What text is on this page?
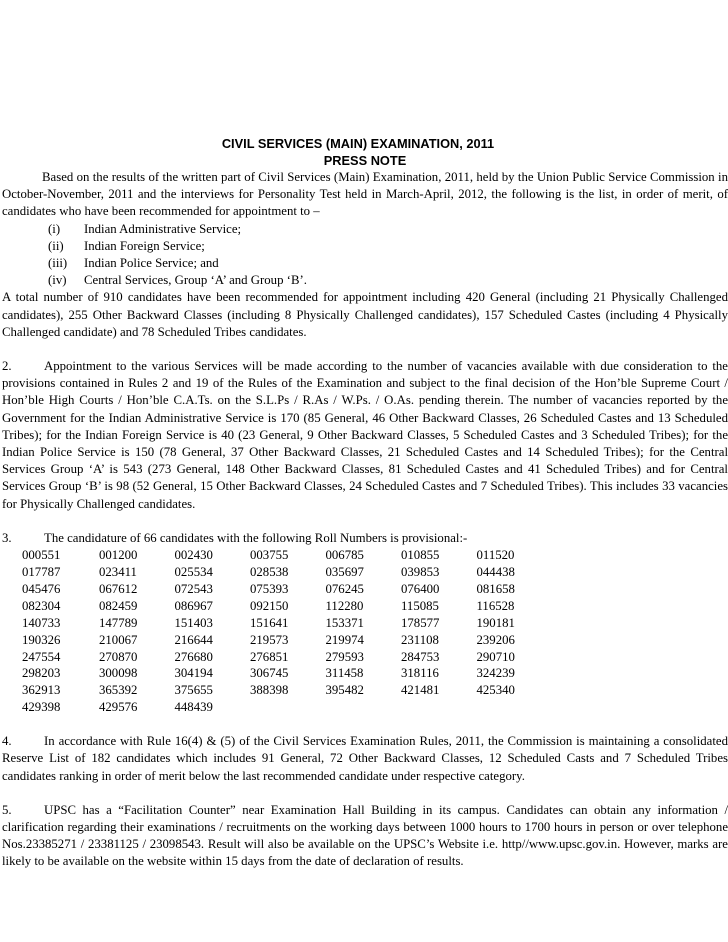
CIVIL SERVICES (MAIN) EXAMINATION, 2011
PRESS NOTE

Based on the results of the written part of Civil Services (Main) Examination, 2011, held by the Union Public Service Commission in October-November, 2011 and the interviews for Personality Test held in March-April, 2012, the following is the list, in order of merit, of candidates who have been recommended for appointment to –

(i)	Indian Administrative Service;
(ii)	Indian Foreign Service;
(iii)	Indian Police Service; and
(iv)	Central Services, Group ‘A’ and Group ‘B’.

A total number of 910 candidates have been recommended for appointment including 420 General (including 21 Physically Challenged candidates), 255 Other Backward Classes (including 8 Physically Challenged candidates), 157 Scheduled Castes (including 4 Physically Challenged candidate) and 78 Scheduled Tribes candidates.

2.	Appointment to the various Services will be made according to the number of vacancies available with due consideration to the provisions contained in Rules 2 and 19 of the Rules of the Examination and subject to the final decision of the Hon’ble Supreme Court / Hon’ble High Courts / Hon’ble C.A.Ts. on the S.L.Ps / R.As / W.Ps. / O.As. pending therein. The number of vacancies reported by the Government for the Indian Administrative Service is 170 (85 General, 46 Other Backward Classes, 26 Scheduled Castes and 13 Scheduled Tribes); for the Indian Foreign Service is 40 (23 General, 9 Other Backward Classes, 5 Scheduled Castes and 3 Scheduled Tribes); for the Indian Police Service is 150 (78 General, 37 Other Backward Classes, 21 Scheduled Castes and 14 Scheduled Tribes); for the Central Services Group ‘A’ is 543 (273 General, 148 Other Backward Classes, 81 Scheduled Castes and 41 Scheduled Tribes) and for Central Services Group ‘B’ is 98 (52 General, 15 Other Backward Classes, 24 Scheduled Castes and 7 Scheduled Tribes). This includes 33 vacancies for Physically Challenged candidates.

3.	The candidature of 66 candidates with the following Roll Numbers is provisional:-

000551	001200	002430	003755	006785	010855	011520
017787	023411	025534	028538	035697	039853	044438
045476	067612	072543	075393	076245	076400	081658
082304	082459	086967	092150	112280	115085	116528
140733	147789	151403	151641	153371	178577	190181
190326	210067	216644	219573	219974	231108	239206
247554	270870	276680	276851	279593	284753	290710
298203	300098	304194	306745	311458	318116	324239
362913	365392	375655	388398	395482	421481	425340
429398	429576	448439				

4.	In accordance with Rule 16(4) & (5) of the Civil Services Examination Rules, 2011, the Commission is maintaining a consolidated Reserve List of 182 candidates which includes 91 General, 72 Other Backward Classes, 12 Scheduled Casts and 7 Scheduled Tribes candidates ranking in order of merit below the last recommended candidate under respective category.

5.	UPSC has a “Facilitation Counter” near Examination Hall Building in its campus. Candidates can obtain any information / clarification regarding their examinations / recruitments on the working days between 1000 hours to 1700 hours in person or over telephone Nos.23385271 / 23381125 / 23098543. Result will also be available on the UPSC’s Website i.e. http//www.upsc.gov.in. However, marks are likely to be available on the website within 15 days from the date of declaration of results.
